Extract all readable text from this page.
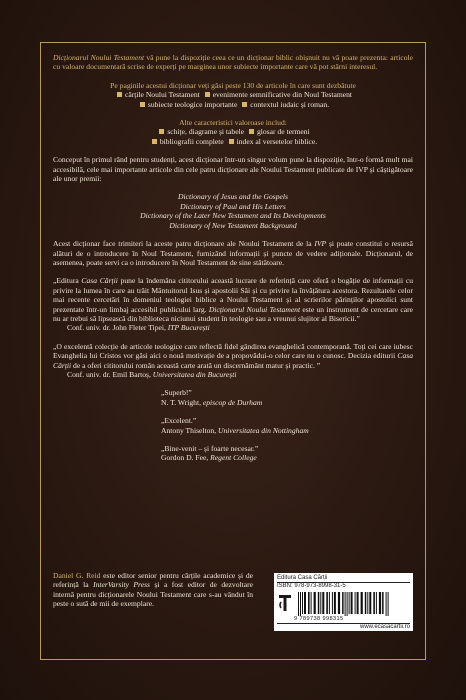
Dicționarul Noului Testament vă pune la dispoziție ceea ce un dicționar biblic obișnuit nu vă poate prezenta: articole cu valoare documentară scrise de experți pe marginea unor subiecte importante care vă pot stârni interesul.

Pe paginile acestui dicționar veți găsi peste 130 de articole în care sunt dezbătute
cărțile Noului Testament evenimente semnificative din Noul Testament
subiecte teologice importante contextul iudaic și roman.
Alte caracteristici valoroase includ:
schițe, diagrame și tabele glosar de termeni
bibliografii complete index al versetelor biblice.

Conceput în primul rând pentru studenți, acest dicționar într-un singur volum pune la dispoziție, într-o formă mult mai accesibilă, cele mai importante articole din cele patru dicționare ale Noului Testament publicate de IVP și câștigătoare ale unor premii:

Dictionary of Jesus and the Gospels
Dictionary of Paul and His Letters
Dictionary of the Later New Testament and Its Developments
Dictionary of New Testament Background

Acest dicționar face trimiteri la aceste patru dicționare ale Noului Testament de la IVP și poate constitui o resursă alături de o introducere în Noul Testament, furnizând informații și puncte de vedere adiționale. Dicționarul, de asemenea, poate servi ca o introducere în Noul Testament de sine stătătoare.

„Editura Casa Cărții pune la îndemâna cititorului această lucrare de referință care oferă o bogăție de informații cu privire la lumea în care au trăit Mântuitorul Isus și apostolii Săi și cu privire la învățătura acestora. Rezultatele celor mai recente cercetări în domeniul teologiei biblice a Noului Testament și al scrierilor părinților apostolici sunt prezentate într-un limbaj accesibil publicului larg. Dicționarul Noului Testament este un instrument de cercetare care nu ar trebui să lipsească din biblioteca niciunui student în teologie sau a vreunui slujitor al Bisericii.”

Conf. univ. dr. John Fleter Tipei, ITP București

„O excelentă colecție de articole teologice care reflectă fidel gândirea evanghelică contemporană. Toți cei care iubesc Evanghelia lui Cristos vor găsi aici o nouă motivație de a propovădui-o celor care nu o cunosc. Decizia editurii Casa Cărții de a oferi cititorului român această carte arată un discernământ matur și practic. ”

Conf. univ. dr. Emil Bartoș, Universitatea din București

„Superb!”
N. T. Wright, episcop de Durham
„Excelent.”
Antony Thiselton, Universitatea din Nottingham
„Bine-venit – și foarte necesar.”
Gordon D. Fee, Regent College

Daniel G. Reid este editor senior pentru cărțile academice și de referință la InterVarsity Press și a fost editor de dezvoltare internă pentru dicționarele Noului Testament care s-au vândut în peste o sută de mii de exemplare.

Editura Casa Cărții
ISBN: 978-973-8998-31-5
9 789738 998315
www.ecasacartii.ro
